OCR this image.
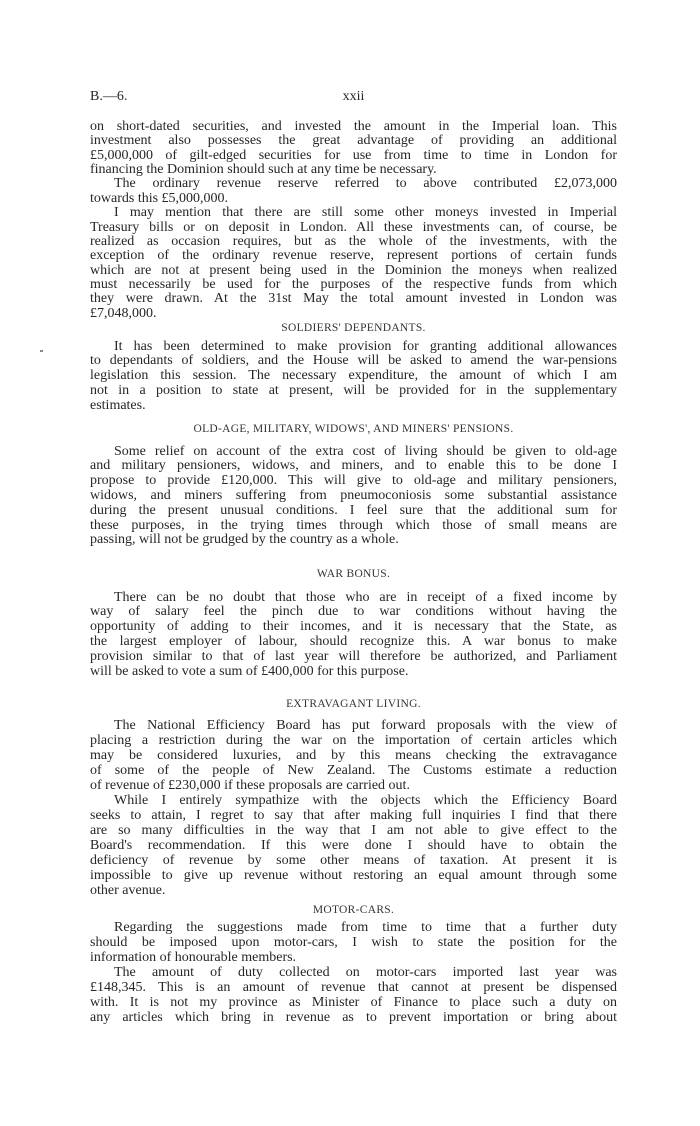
B.—6.	xxii
on short-dated securities, and invested the amount in the Imperial loan. This
investment also possesses the great advantage of providing an additional
£5,000,000 of gilt-edged securities for use from time to time in London for
financing the Dominion should such at any time be necessary.
The ordinary revenue reserve referred to above contributed £2,073,000
towards this £5,000,000.
I may mention that there are still some other moneys invested in Imperial
Treasury bills or on deposit in London. All these investments can, of course, be
realized as occasion requires, but as the whole of the investments, with the
exception of the ordinary revenue reserve, represent portions of certain funds
which are not at present being used in the Dominion the moneys when realized
must necessarily be used for the purposes of the respective funds from which
they were drawn. At the 31st May the total amount invested in London was
£7,048,000.
SOLDIERS' DEPENDANTS.
It has been determined to make provision for granting additional allowances
to dependants of soldiers, and the House will be asked to amend the war-pensions
legislation this session. The necessary expenditure, the amount of which I am
not in a position to state at present, will be provided for in the supplementary
estimates.
OLD-AGE, MILITARY, WIDOWS', AND MINERS' PENSIONS.
Some relief on account of the extra cost of living should be given to old-age
and military pensioners, widows, and miners, and to enable this to be done I
propose to provide £120,000. This will give to old-age and military pensioners,
widows, and miners suffering from pneumoconiosis some substantial assistance
during the present unusual conditions. I feel sure that the additional sum for
these purposes, in the trying times through which those of small means are
passing, will not be grudged by the country as a whole.
WAR BONUS.
There can be no doubt that those who are in receipt of a fixed income by
way of salary feel the pinch due to war conditions without having the
opportunity of adding to their incomes, and it is necessary that the State, as
the largest employer of labour, should recognize this. A war bonus to make
provision similar to that of last year will therefore be authorized, and Parliament
will be asked to vote a sum of £400,000 for this purpose.
EXTRAVAGANT LIVING.
The National Efficiency Board has put forward proposals with the view of
placing a restriction during the war on the importation of certain articles which
may be considered luxuries, and by this means checking the extravagance
of some of the people of New Zealand. The Customs estimate a reduction
of revenue of £230,000 if these proposals are carried out.
While I entirely sympathize with the objects which the Efficiency Board
seeks to attain, I regret to say that after making full inquiries I find that there
are so many difficulties in the way that I am not able to give effect to the
Board's recommendation. If this were done I should have to obtain the
deficiency of revenue by some other means of taxation. At present it is
impossible to give up revenue without restoring an equal amount through some
other avenue.
MOTOR-CARS.
Regarding the suggestions made from time to time that a further duty
should be imposed upon motor-cars, I wish to state the position for the
information of honourable members.
The amount of duty collected on motor-cars imported last year was
£148,345. This is an amount of revenue that cannot at present be dispensed
with. It is not my province as Minister of Finance to place such a duty on
any articles which bring in revenue as to prevent importation or bring about
